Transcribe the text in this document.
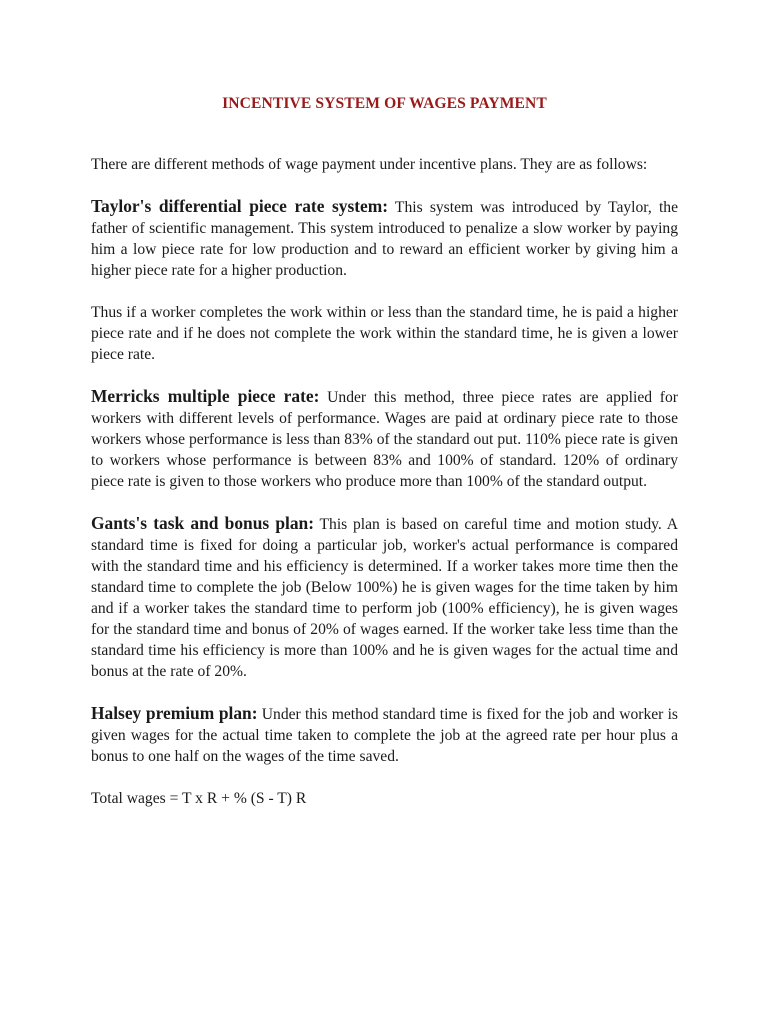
INCENTIVE SYSTEM OF WAGES PAYMENT

There are different methods of wage payment under incentive plans. They are as follows:

Taylor's differential piece rate system: This system was introduced by Taylor, the father of scientific management. This system introduced to penalize a slow worker by paying him a low piece rate for low production and to reward an efficient worker by giving him a higher piece rate for a higher production.

Thus if a worker completes the work within or less than the standard time, he is paid a higher piece rate and if he does not complete the work within the standard time, he is given a lower piece rate.

Merricks multiple piece rate: Under this method, three piece rates are applied for workers with different levels of performance. Wages are paid at ordinary piece rate to those workers whose performance is less than 83% of the standard out put. 110% piece rate is given to workers whose performance is between 83% and 100% of standard. 120% of ordinary piece rate is given to those workers who produce more than 100% of the standard output.

Gants's task and bonus plan: This plan is based on careful time and motion study. A standard time is fixed for doing a particular job, worker's actual performance is compared with the standard time and his efficiency is determined. If a worker takes more time then the standard time to complete the job (Below 100%) he is given wages for the time taken by him and if a worker takes the standard time to perform job (100% efficiency), he is given wages for the standard time and bonus of 20% of wages earned. If the worker take less time than the standard time his efficiency is more than 100% and he is given wages for the actual time and bonus at the rate of 20%.

Halsey premium plan: Under this method standard time is fixed for the job and worker is given wages for the actual time taken to complete the job at the agreed rate per hour plus a bonus to one half on the wages of the time saved.

Total wages = T x R + % (S - T) R
